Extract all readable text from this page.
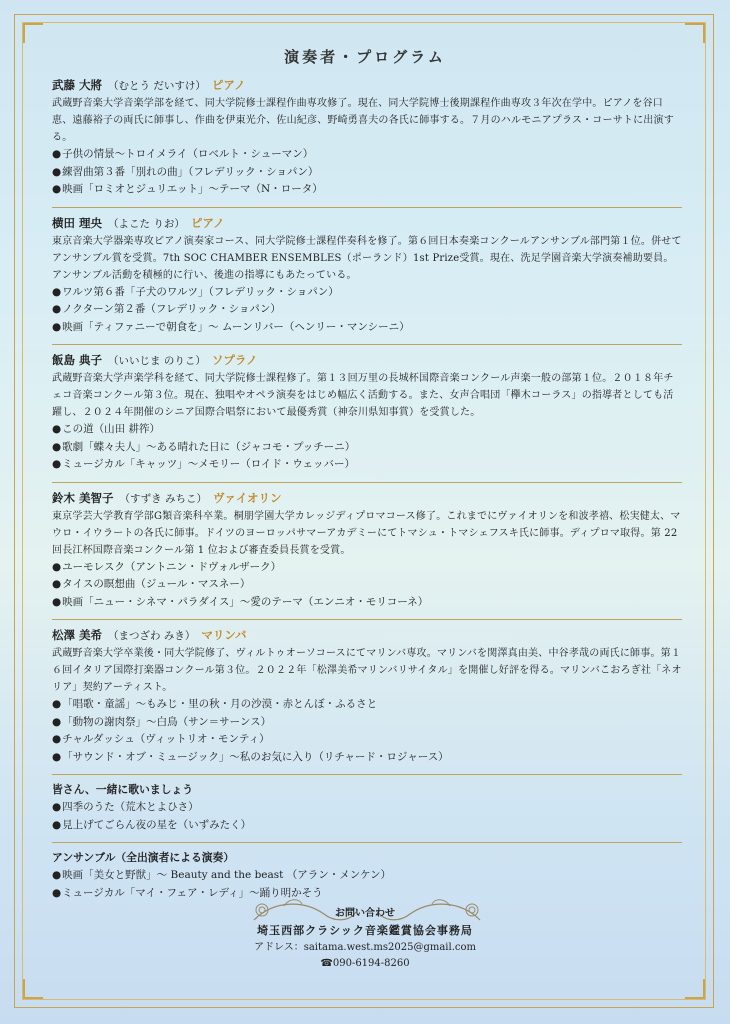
演奏者・プログラム
武藤 大將 （むとう だいすけ） ピアノ

武蔵野音楽大学音楽学部を経て、同大学院修士課程作曲専攻修了。現在、同大学院博士後期課程作曲専攻３年次在学中。ピアノを谷口恵、遠藤裕子の両氏に師事し、作曲を伊東光介、佐山紀彦、野崎勇喜夫の各氏に師事する。７月のハルモニアプラス・コーサトに出演する。

● 子供の情景〜トロイメライ（ロベルト・シューマン）
● 練習曲第３番「別れの曲」（フレデリック・ショパン）
● 映画「ロミオとジュリエット」〜テーマ（N・ロータ）
横田 理央 （よこた りお） ピアノ

東京音楽大学器楽専攻ピアノ演奏家コース、同大学院修士課程伴奏科を修了。第６回日本奏楽コンクールアンサンブル部門第１位。併せてアンサンブル賞を受賞。7th SOC CHAMBER ENSEMBLES（ポーランド）1st Prize受賞。現在、洗足学園音楽大学演奏補助要員。アンサンブル活動を積極的に行い、後進の指導にもあたっている。

● ワルツ第６番「子犬のワルツ」（フレデリック・ショパン）
● ノクターン第２番（フレデリック・ショパン）
● 映画「ティファニーで朝食を」〜 ムーンリバー（ヘンリー・マンシーニ）
飯島 典子 （いいじま のりこ） ソプラノ

武蔵野音楽大学声楽学科を経て、同大学院修士課程修了。第１３回万里の長城杯国際音楽コンクール声楽一般の部第１位。２０１８年チェコ音楽コンクール第３位。現在、独唱やオペラ演奏をはじめ幅広く活動する。また、女声合唱団「欅木コーラス」の指導者としても活躍し、２０２４年開催のシニア国際合唱祭において最優秀賞（神奈川県知事賞）を受賞した。

● この道（山田 耕筰）
● 歌劇「蝶々夫人」〜ある晴れた日に（ジャコモ・プッチーニ）
● ミュージカル「キャッツ」〜メモリー（ロイド・ウェッバー）
鈴木 美智子 （すずき みちこ） ヴァイオリン

東京学芸大学教育学部G類音楽科卒業。桐朋学園大学カレッジディプロマコース修了。これまでにヴァイオリンを和波孝禧、松実健太、マウロ・イウラートの各氏に師事。ドイツのヨーロッパサマーアカデミーにてトマシュ・トマシェフスキ氏に師事。ディプロマ取得。第 22 回長江杯国際音楽コンクール第 1 位および審査委員長賞を受賞。

● ユーモレスク（アントニン・ドヴォルザーク）
● タイスの瞑想曲（ジュール・マスネー）
● 映画「ニュー・シネマ・パラダイス」〜愛のテーマ（エンニオ・モリコーネ）
松澤 美希 （まつざわ みき） マリンバ

武蔵野音楽大学卒業後・同大学院修了、ヴィルトゥオーソコースにてマリンバ専攻。マリンバを関澤真由美、中谷孝哉の両氏に師事。第１６回イタリア国際打楽器コンクール第３位。２０２２年「松澤美希マリンバリサイタル」を開催し好評を得る。マリンバこおろぎ社「ネオリア」契約アーティスト。

● 「唱歌・童謡」〜もみじ・里の秋・月の沙漠・赤とんぼ・ふるさと
● 「動物の謝肉祭」〜白鳥（サン＝サーンス）
● チャルダッシュ（ヴィットリオ・モンティ）
● 「サウンド・オブ・ミュージック」〜私のお気に入り（リチャード・ロジャース）
皆さん、一緒に歌いましょう
● 四季のうた（荒木とよひさ）
● 見上げてごらん夜の星を（いずみたく）
アンサンブル（全出演者による演奏）
● 映画「美女と野獣」〜 Beauty and the beast （アラン・メンケン）
● ミュージカル「マイ・フェア・レディ」〜踊り明かそう
お問い合わせ
埼玉西部クラシック音楽鑑賞協会事務局
アドレス：saitama.west.ms2025@gmail.com
☎090-6194-8260
